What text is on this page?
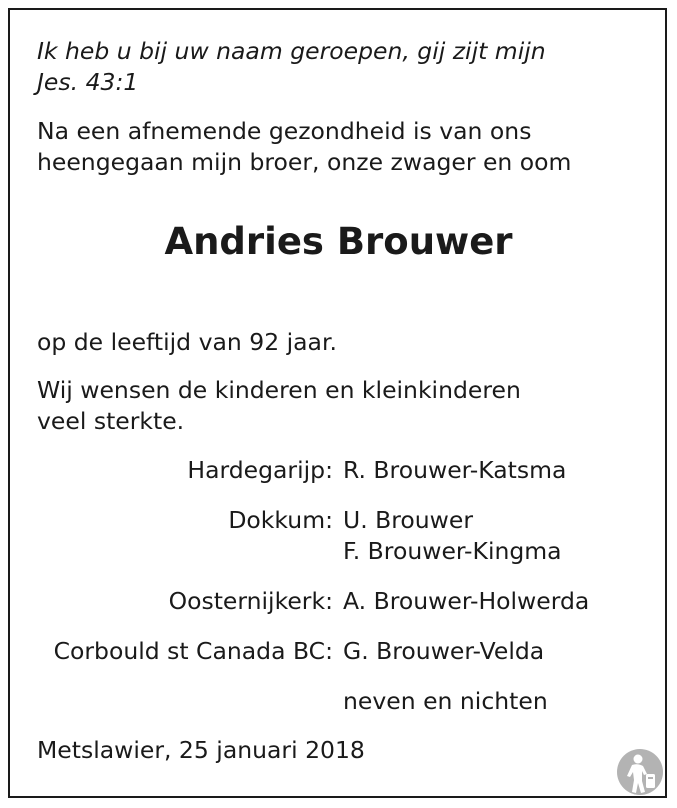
Ik heb u bij uw naam geroepen, gij zijt mijn
Jes. 43:1
Na een afnemende gezondheid is van ons
heengegaan mijn broer, onze zwager en oom
Andries Brouwer
op de leeftijd van 92 jaar.
Wij wensen de kinderen en kleinkinderen
veel sterkte.
Hardegarijp: R. Brouwer-Katsma
Dokkum: U. Brouwer
F. Brouwer-Kingma
Oosternijkerk: A. Brouwer-Holwerda
Corbould st Canada BC: G. Brouwer-Velda
neven en nichten
Metslawier, 25 januari 2018
